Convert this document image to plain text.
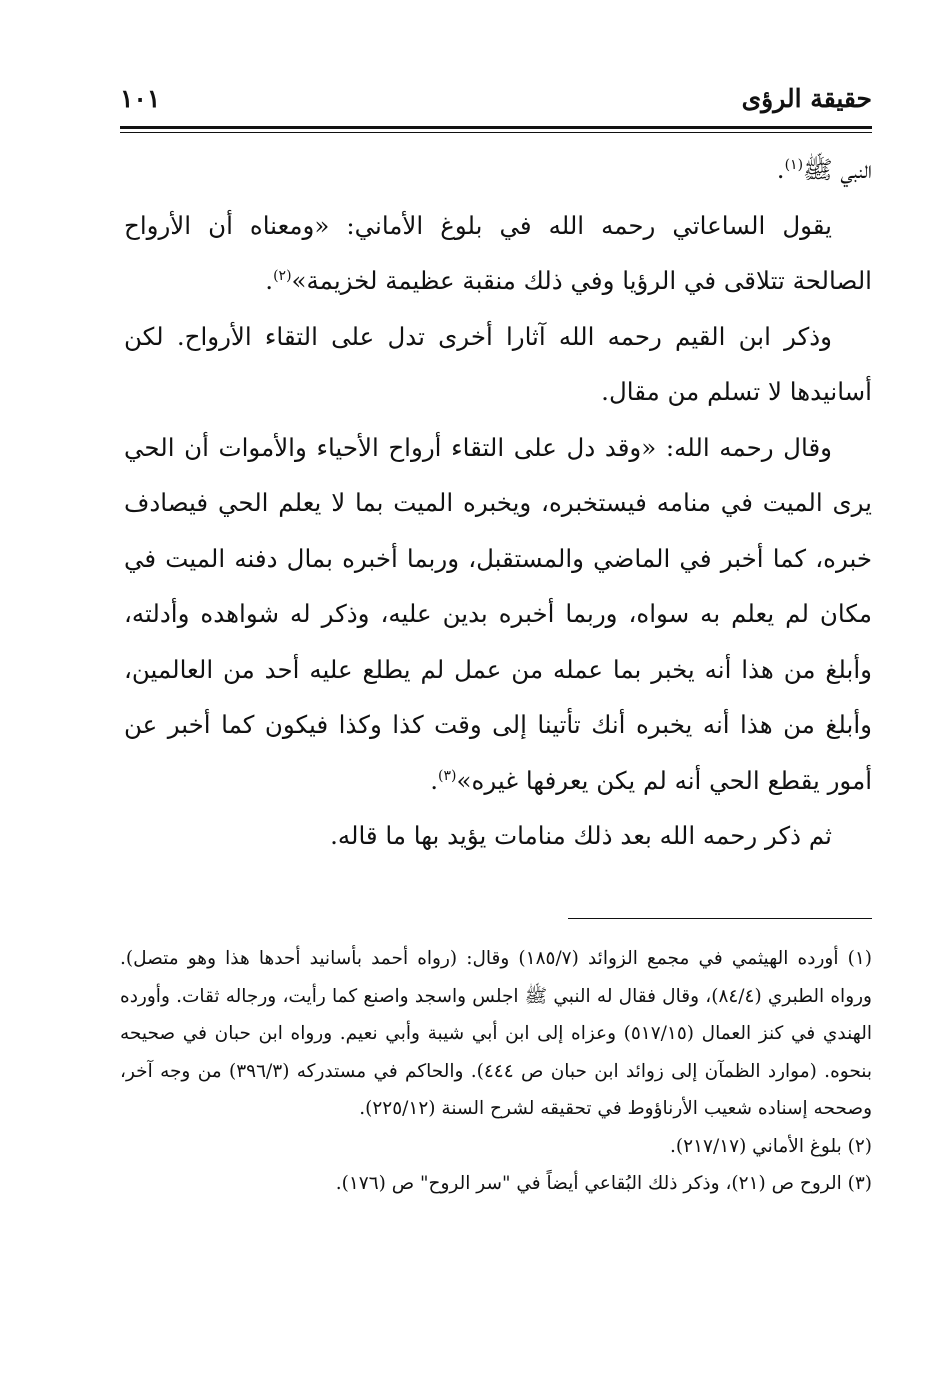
حقيقة الرؤى
١٠١

النبي ﷺ$^{(١)}$.

يقول الساعاتي رحمه الله في بلوغ الأماني: «ومعناه أن الأرواح الصالحة تتلاقى في الرؤيا وفي ذلك منقبة عظيمة لخزيمة»$^{(٢)}$.

وذكر ابن القيم رحمه الله آثارا أخرى تدل على التقاء الأرواح. لكن أسانيدها لا تسلم من مقال.

وقال رحمه الله: «وقد دل على التقاء أرواح الأحياء والأموات أن الحي يرى الميت في منامه فيستخبره، ويخبره الميت بما لا يعلم الحي فيصادف خبره، كما أخبر في الماضي والمستقبل، وربما أخبره بمال دفنه الميت في مكان لم يعلم به سواه، وربما أخبره بدين عليه، وذكر له شواهده وأدلته، وأبلغ من هذا أنه يخبر بما عمله من عمل لم يطلع عليه أحد من العالمين، وأبلغ من هذا أنه يخبره أنك تأتينا إلى وقت كذا وكذا فيكون كما أخبر عن أمور يقطع الحي أنه لم يكن يعرفها غيره»$^{(٣)}$.

ثم ذكر رحمه الله بعد ذلك منامات يؤيد بها ما قاله.

(١) أورده الهيثمي في مجمع الزوائد (١٨٥/٧) وقال: (رواه أحمد بأسانيد أحدها هذا وهو متصل). ورواه الطبري (٨٤/٤)، وقال فقال له النبي ﷺ اجلس واسجد واصنع كما رأيت، ورجاله ثقات. وأورده الهندي في كنز العمال (٥١٧/١٥) وعزاه إلى ابن أبي شيبة وأبي نعيم. ورواه ابن حبان في صحيحه بنحوه. (موارد الظمآن إلى زوائد ابن حبان ص ٤٤٤). والحاكم في مستدركه (٣٩٦/٣) من وجه آخر، وصححه إسناده شعيب الأرناؤوط في تحقيقه لشرح السنة (٢٢٥/١٢).

(٢) بلوغ الأماني (٢١٧/١٧).

(٣) الروح ص (٢١)، وذكر ذلك البُقاعي أيضاً في "سر الروح" ص (١٧٦).
